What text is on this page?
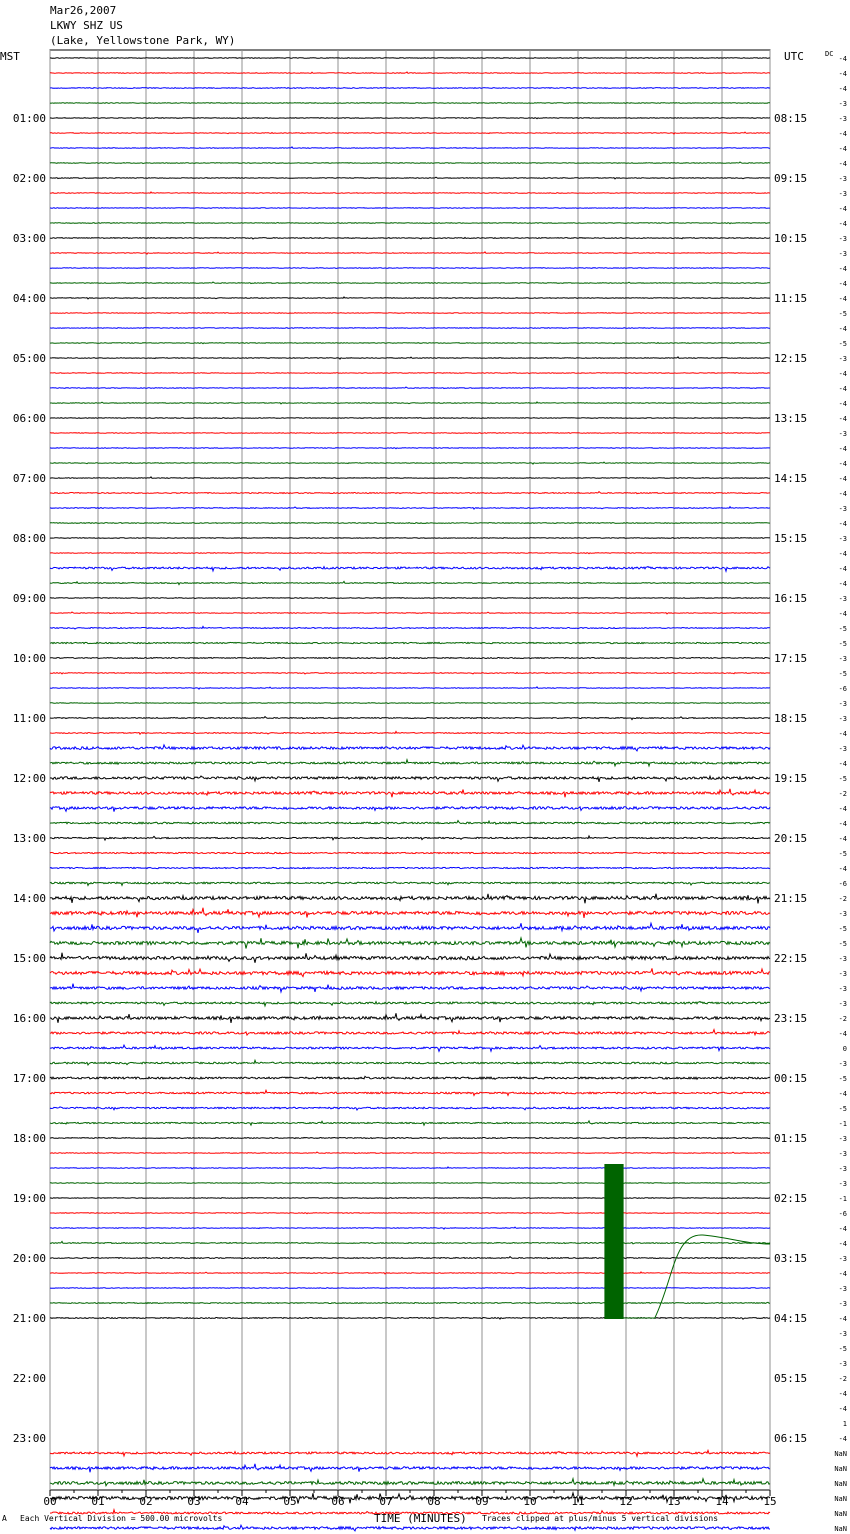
00	01	02	03	04	05	06	07	08	09	10	11	12	13	14	15
01:00
02:00
03:00
04:00
05:00
06:00
07:00
08:00
09:00
10:00
11:00
12:00
13:00
14:00
15:00
16:00
17:00
18:00
19:00
20:00
21:00
22:00
23:00
08:15
09:15
10:15
11:15
12:15
13:15
14:15
15:15
16:15
17:15
18:15
19:15
20:15
21:15
22:15
23:15
00:15
01:15
02:15
03:15
04:15
05:15
06:15
DC
-4
-4
-4
-3
-3
-4
-4
-4
-3
-3
-4
-4
-3
-3
-4
-4
-4
-5
-4
-5
-3
-4
-4
-4
-4
-3
-4
-4
-4
-4
-3
-4
-3
-4
-4
-4
-3
-4
-5
-5
-3
-5
-6
-3
-3
-4
-3
-4
-5
-2
-4
-4
-4
-5
-4
-6
-2
-3
-5
-5
-3
-3
-3
-3
-2
-4
0
-3
-5
-4
-5
-1
-3
-3
-3
-3
-1
-6
-4
-4
-3
-4
-3
-3
-4
-3
-5
-3
-2
-4
-4
1
-4
NaN
NaN
NaN
NaN
NaN
NaN
Mar26,2007
LKWY SHZ US
(Lake, Yellowstone Park, WY)
MST	UTC
A Each Vertical Division = 500.00 microvolts	TIME (MINUTES) Traces clipped at plus/minus 5 vertical divisions
